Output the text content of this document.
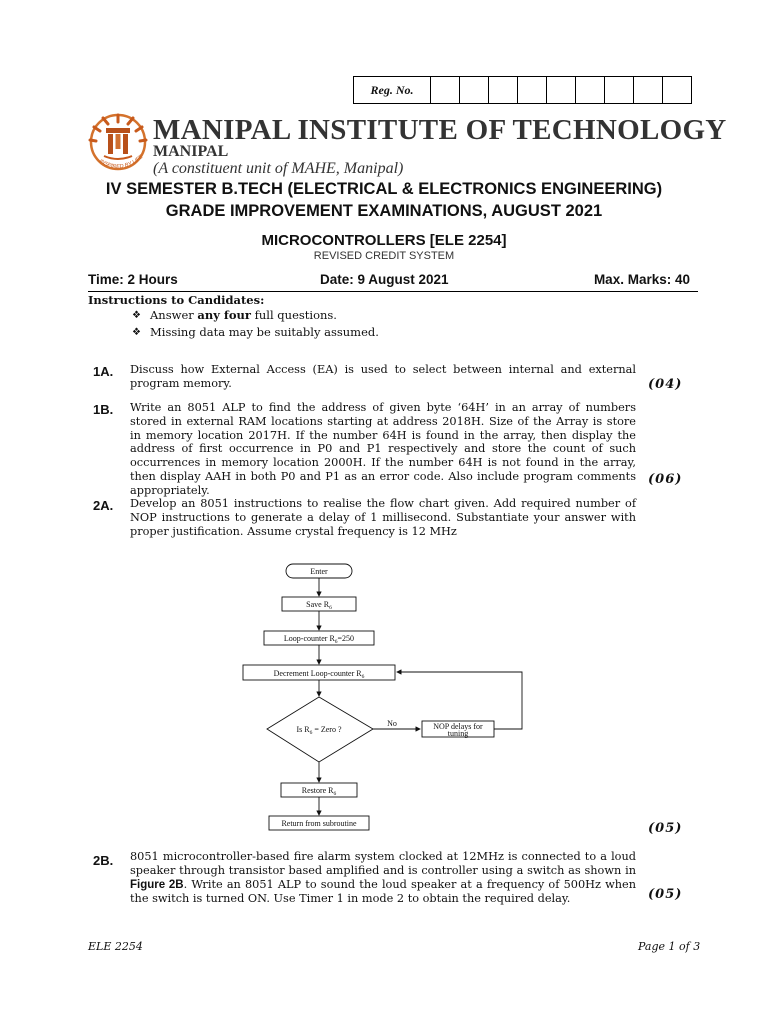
Reg. No.
INSPIRED BY LIFE
MANIPAL INSTITUTE OF TECHNOLOGY
MANIPAL
(A constituent unit of MAHE, Manipal)
IV SEMESTER B.TECH (ELECTRICAL & ELECTRONICS ENGINEERING)
GRADE IMPROVEMENT EXAMINATIONS, AUGUST 2021
MICROCONTROLLERS [ELE 2254]
REVISED CREDIT SYSTEM
Time: 2 Hours	Date: 9 August 2021	Max. Marks: 40
Instructions to Candidates:
❖ Answer any four full questions.
❖ Missing data may be suitably assumed.
1A. Discuss how External Access (EA) is used to select between internal and external program memory.	(04)
1B. Write an 8051 ALP to find the address of given byte ‘64H’ in an array of numbers stored in external RAM locations starting at address 2018H. Size of the Array is store in memory location 2017H. If the number 64H is found in the array, then display the address of first occurrence in P0 and P1 respectively and store the count of such occurrences in memory location 2000H. If the number 64H is not found in the array, then display AAH in both P0 and P1 as an error code. Also include program comments appropriately.
(06)
2A. Develop an 8051 instructions to realise the flow chart given. Add required number of NOP instructions to generate a delay of 1 millisecond. Substantiate your answer with proper justification. Assume crystal frequency is 12 MHz
Enter
Save $R_6$
Loop-counter $R_6=250$
Decrement Loop-counter $R_6$
Is $R_6$ = Zero ?
No	NOP delays for
tuning
Restore $R_6$
Return from subroutine	(05)
2B. 8051 microcontroller-based fire alarm system clocked at 12MHz is connected to a loud speaker through transistor based amplified and is controller using a switch as shown in Figure 2B. Write an 8051 ALP to sound the loud speaker at a frequency of 500Hz when the switch is turned ON. Use Timer 1 in mode 2 to obtain the required delay.	(05)
ELE 2254	Page 1 of 3
